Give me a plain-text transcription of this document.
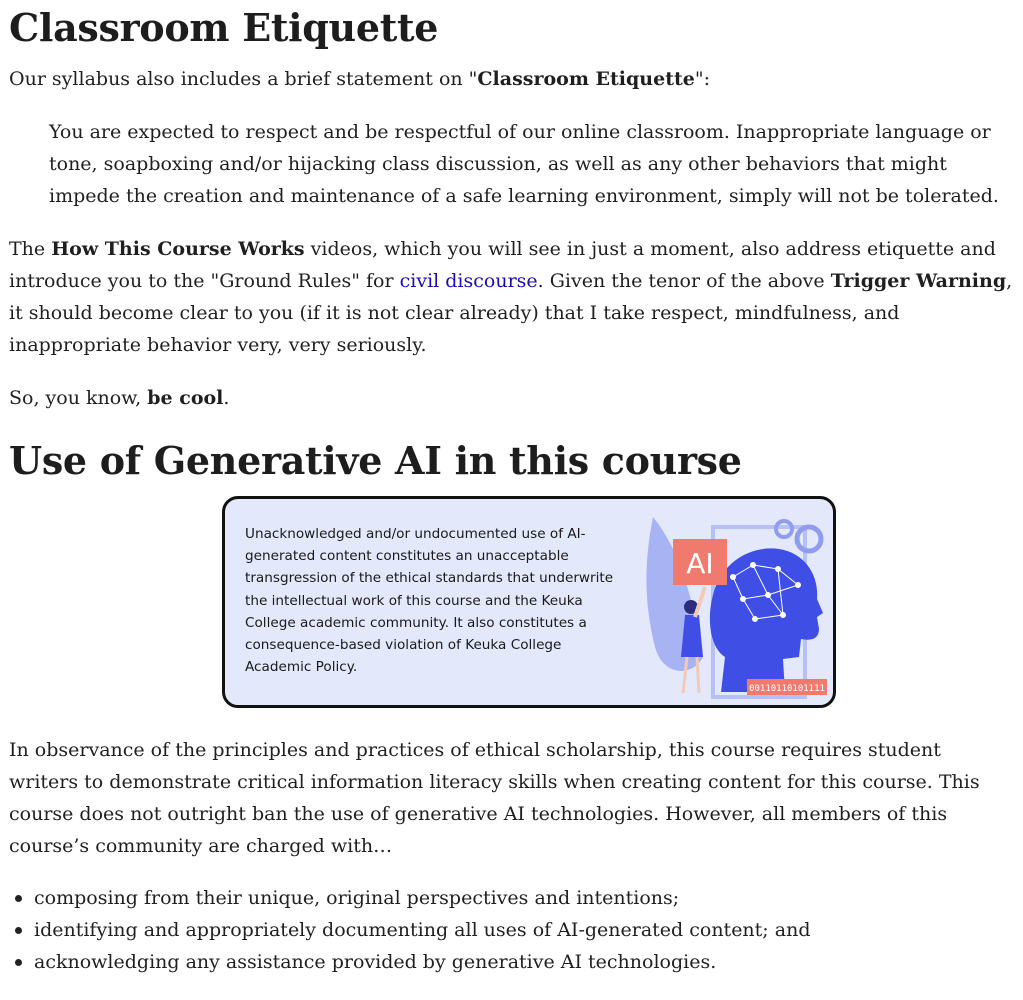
Classroom Etiquette

Our syllabus also includes a brief statement on "Classroom Etiquette":

You are expected to respect and be respectful of our online classroom. Inappropriate language or tone, soapboxing and/or hijacking class discussion, as well as any other behaviors that might impede the creation and maintenance of a safe learning environment, simply will not be tolerated.

The How This Course Works videos, which you will see in just a moment, also address etiquette and introduce you to the "Ground Rules" for civil discourse. Given the tenor of the above Trigger Warning, it should become clear to you (if it is not clear already) that I take respect, mindfulness, and inappropriate behavior very, very seriously.

So, you know, be cool.

Use of Generative AI in this course
Unacknowledged and/or undocumented use of AI-generated content constitutes an unacceptable transgression of the ethical standards that underwrite the intellectual work of this course and the Keuka College academic community. It also constitutes a consequence-based violation of Keuka College Academic Policy.
AI
00110110101111

In observance of the principles and practices of ethical scholarship, this course requires student writers to demonstrate critical information literacy skills when creating content for this course. This course does not outright ban the use of generative AI technologies. However, all members of this course’s community are charged with…

composing from their unique, original perspectives and intentions;
identifying and appropriately documenting all uses of AI-generated content; and
acknowledging any assistance provided by generative AI technologies.
